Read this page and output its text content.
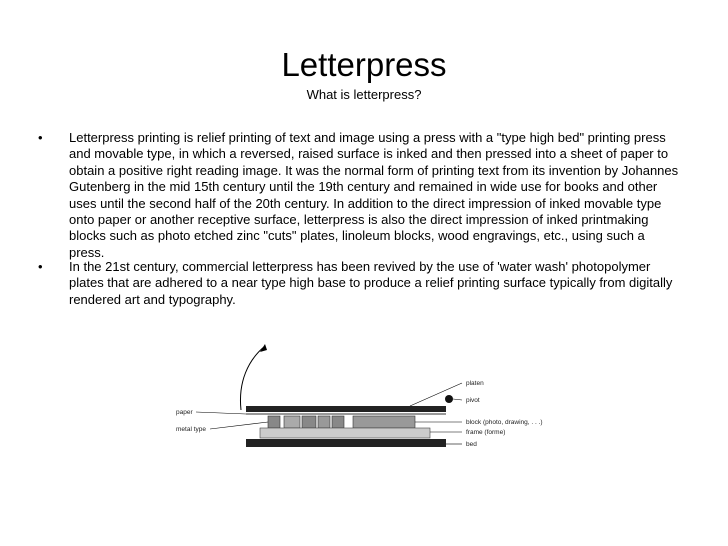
Letterpress
What is letterpress?
• Letterpress printing is relief printing of text and image using a press with a "type high bed" printing press and movable type, in which a reversed, raised surface is inked and then pressed into a sheet of paper to obtain a positive right reading image. It was the normal form of printing text from its invention by Johannes Gutenberg in the mid 15th century until the 19th century and remained in wide use for books and other uses until the second half of the 20th century. In addition to the direct impression of inked movable type onto paper or another receptive surface, letterpress is also the direct impression of inked printmaking blocks such as photo etched zinc "cuts" plates, linoleum blocks, wood engravings, etc., using such a press.
• In the 21st century, commercial letterpress has been revived by the use of 'water wash' photopolymer plates that are adhered to a near type high base to produce a relief printing surface typically from digitally rendered art and typography.
paper
metal type
platen
pivot
block (photo, drawing, . . .)
frame (forme)
bed
